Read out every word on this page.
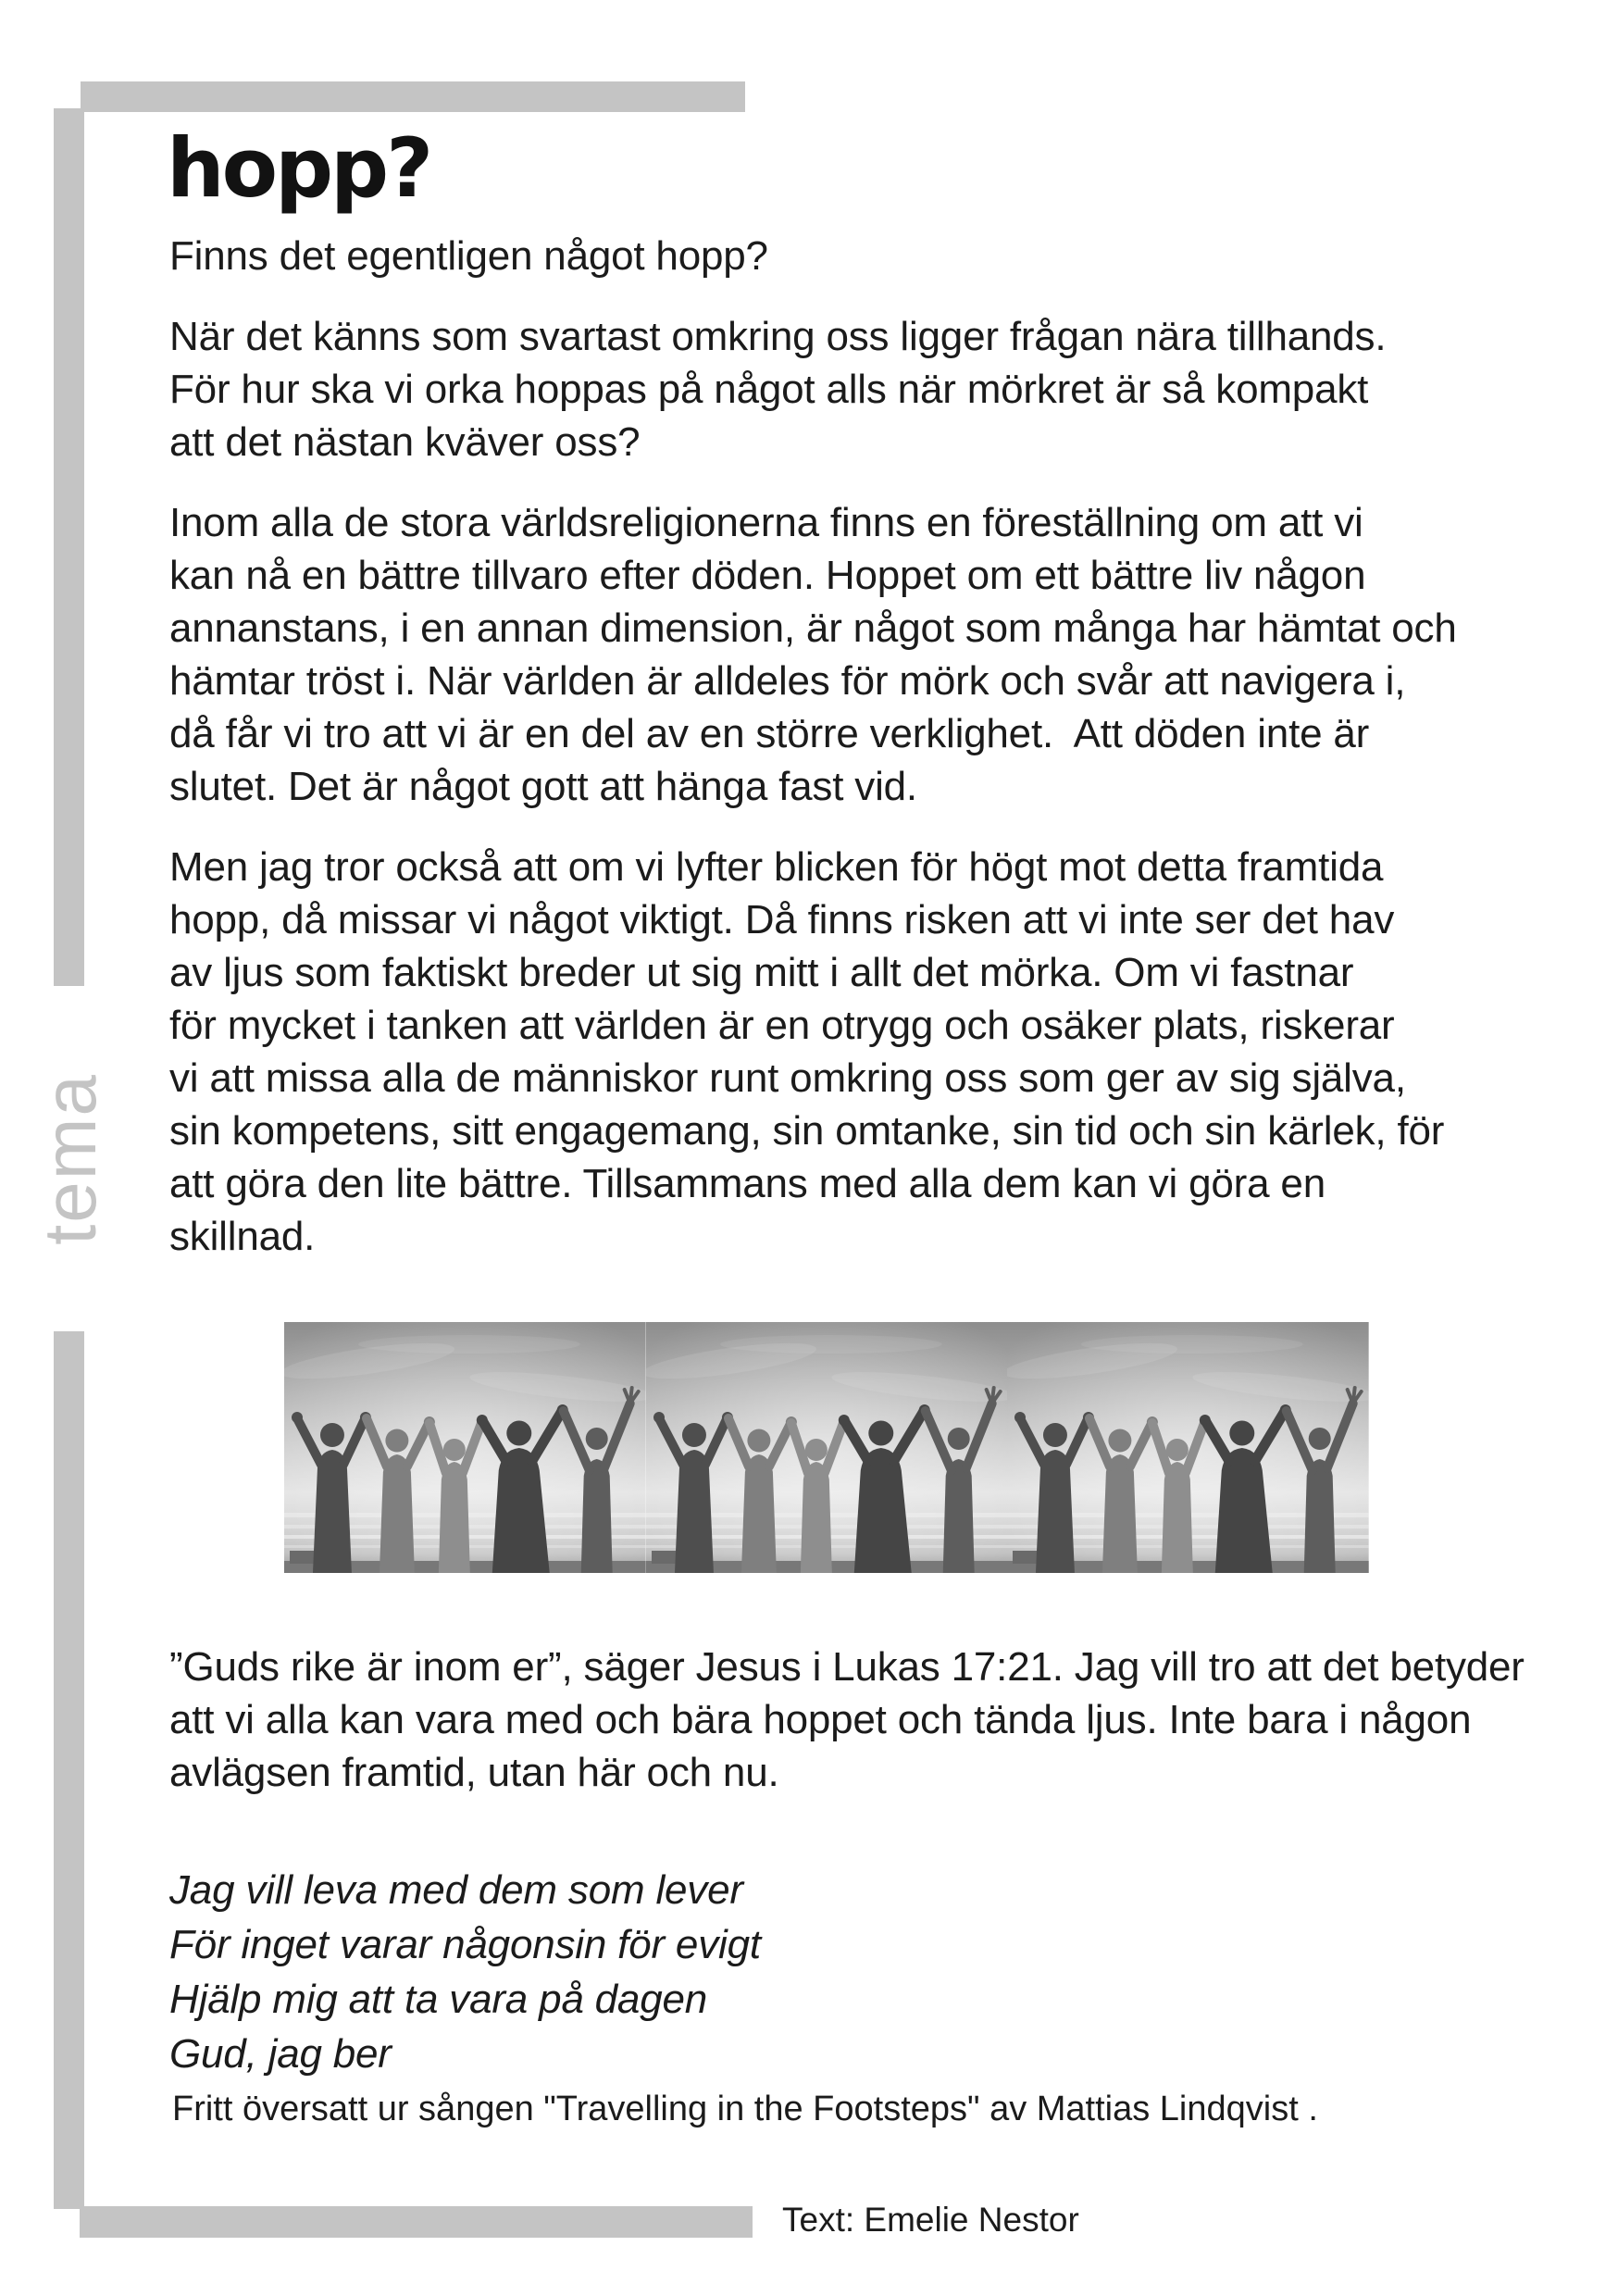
tema
hopp?

Finns det egentligen något hopp?

När det känns som svartast omkring oss ligger frågan nära tillhands.
För hur ska vi orka hoppas på något alls när mörkret är så kompakt
att det nästan kväver oss?

Inom alla de stora världsreligionerna finns en föreställning om att vi
kan nå en bättre tillvaro efter döden. Hoppet om ett bättre liv någon
annanstans, i en annan dimension, är något som många har hämtat och
hämtar tröst i. När världen är alldeles för mörk och svår att navigera i,
då får vi tro att vi är en del av en större verklighet.  Att döden inte är
slutet. Det är något gott att hänga fast vid.

Men jag tror också att om vi lyfter blicken för högt mot detta framtida
hopp, då missar vi något viktigt. Då finns risken att vi inte ser det hav
av ljus som faktiskt breder ut sig mitt i allt det mörka. Om vi fastnar
för mycket i tanken att världen är en otrygg och osäker plats, riskerar
vi att missa alla de människor runt omkring oss som ger av sig själva,
sin kompetens, sitt engagemang, sin omtanke, sin tid och sin kärlek, för
att göra den lite bättre. Tillsammans med alla dem kan vi göra en
skillnad.

”Guds rike är inom er”, säger Jesus i Lukas 17:21. Jag vill tro att det betyder
att vi alla kan vara med och bära hoppet och tända ljus. Inte bara i någon
avlägsen framtid, utan här och nu.
Jag vill leva med dem som lever
För inget varar någonsin för evigt
Hjälp mig att ta vara på dagen
Gud, jag ber
Fritt översatt ur sången "Travelling in the Footsteps" av Mattias Lindqvist .
Text: Emelie Nestor
